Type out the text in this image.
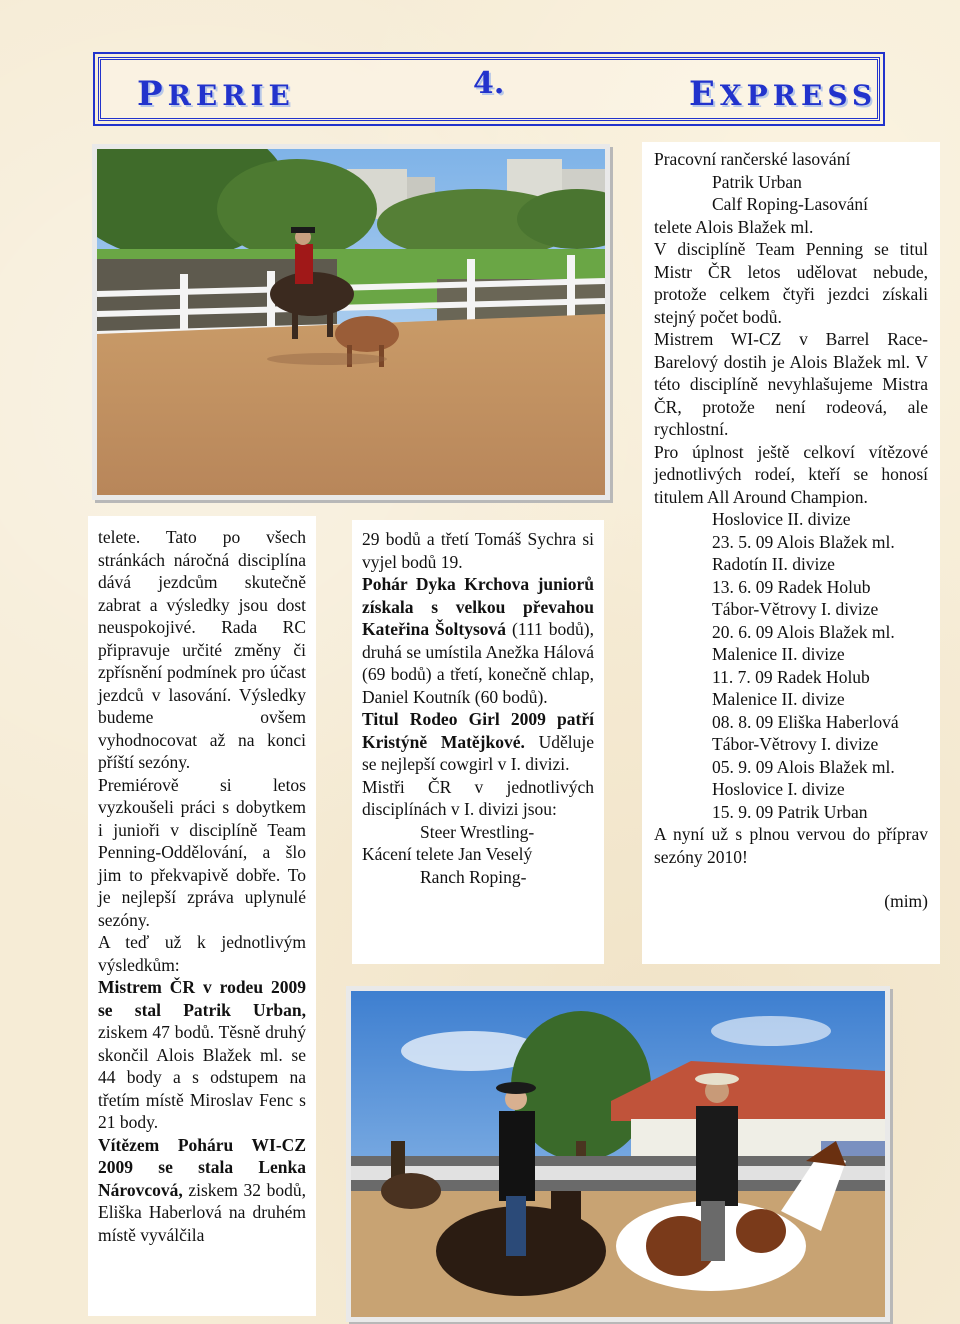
PRERIE	4.	EXPRESS

telete. Tato po všech stránkách náročná disciplína dává jezdcům skutečně zabrat a výsledky jsou dost neuspokojivé. Rada RC připravuje určité změny či zpřísnění podmínek pro účast jezdců v lasování. Výsledky budeme ovšem vyhodnocovat až na konci příští sezóny.

Premiérově si letos vyzkoušeli práci s dobytkem i junioři v disciplíně Team Penning-Oddělování, a šlo jim to překvapivě dobře. To je nejlepší zpráva uplynulé sezóny.

A teď už k jednotlivým výsledkům:

Mistrem ČR v rodeu 2009 se stal Patrik Urban, ziskem 47 bodů. Těsně druhý skončil Alois Blažek ml. se 44 body a s odstupem na třetím místě Miroslav Fenc s 21 body.

Vítězem Poháru WI-CZ 2009 se stala Lenka Nárovcová, ziskem 32 bodů, Eliška Haberlová na druhém místě vyválčila

29 bodů a třetí Tomáš Sychra si vyjel bodů 19.

Pohár Dyka Krchova juniorů získala s velkou převahou Kateřina Šoltysová (111 bodů), druhá se umístila Anežka Hálová (69 bodů) a třetí, konečně chlap, Daniel Koutník (60 bodů).

Titul Rodeo Girl 2009 patří Kristýně Matějkové. Uděluje se nejlepší cowgirl v I. divizi.

Mistři ČR v jednotlivých disciplínách v I. divizi jsou:

Steer Wrestling-

Kácení telete Jan Veselý

Ranch Roping-

Pracovní rančerské lasování

Patrik Urban

Calf Roping-Lasování

telete Alois Blažek ml.

V disciplíně Team Penning se titul Mistr ČR letos udělovat nebude, protože celkem čtyři jezdci získali stejný počet bodů.

Mistrem WI-CZ v Barrel Race-Barelový dostih je Alois Blažek ml. V této disciplíně nevyhlašujeme Mistra ČR, protože není rodeová, ale rychlostní.

Pro úplnost ještě celkoví vítězové jednotlivých rodeí, kteří se honosí titulem All Around Champion.

Hoslovice II. divize

23. 5. 09 Alois Blažek ml.

Radotín II. divize

13. 6. 09 Radek Holub

Tábor-Větrovy I. divize

20. 6. 09 Alois Blažek ml.

Malenice II. divize

11. 7. 09 Radek Holub

Malenice II. divize

08. 8. 09 Eliška Haberlová

Tábor-Větrovy I. divize

05. 9. 09 Alois Blažek ml.

Hoslovice I. divize

15. 9. 09 Patrik Urban

A nyní už s plnou vervou do příprav sezóny 2010!

(mim)
